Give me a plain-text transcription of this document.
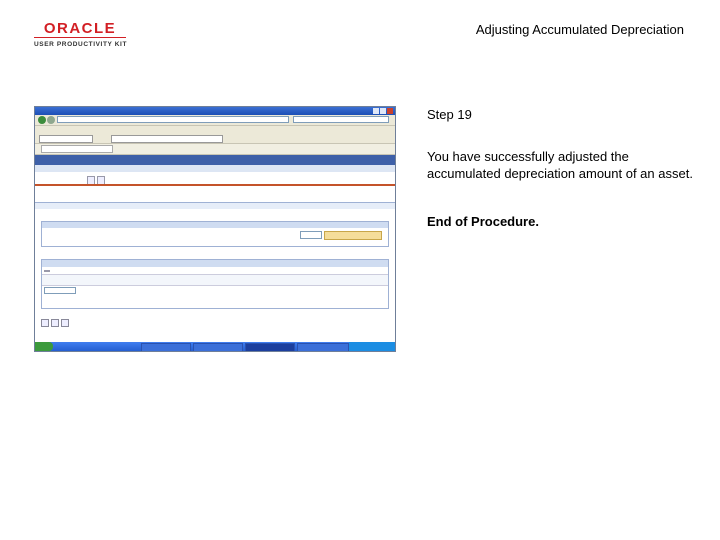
ORACLE
USER PRODUCTIVITY KIT
Adjusting Accumulated Depreciation
Step 19
You have successfully adjusted the accumulated depreciation amount of an asset.
End of Procedure.
